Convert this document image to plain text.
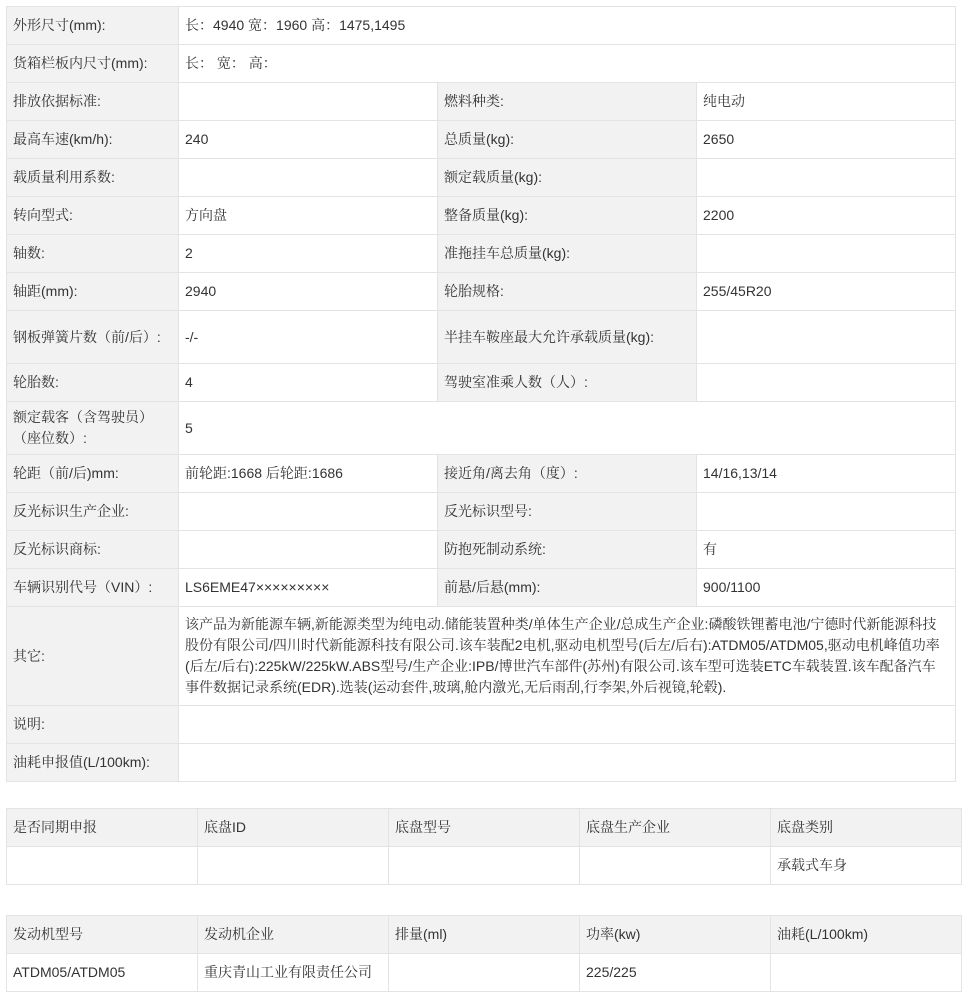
外形尺寸(mm):	长：4940 宽：1960 高：1475,1495		
货箱栏板内尺寸(mm):	长： 宽： 高：		
排放依据标准:		燃料种类:	纯电动
最高车速(km/h):	240	总质量(kg):	2650
载质量利用系数:		额定载质量(kg):	
转向型式:	方向盘	整备质量(kg):	2200
轴数:	2	准拖挂车总质量(kg):	
轴距(mm):	2940	轮胎规格:	255/45R20
钢板弹簧片数（前/后）:	-/-	半挂车鞍座最大允许承载质量(kg):	
轮胎数:	4	驾驶室准乘人数（人）:	
额定载客（含驾驶员）（座位数）:	5		
轮距（前/后)mm:	前轮距:1668 后轮距:1686	接近角/离去角（度）:	14/16,13/14
反光标识生产企业:		反光标识型号:	
反光标识商标:		防抱死制动系统:	有
车辆识别代号（VIN）:	LS6EME47×××××××××	前悬/后悬(mm):	900/1100
其它:	该产品为新能源车辆,新能源类型为纯电动.储能装置种类/单体生产企业/总成生产企业:磷酸铁锂蓄电池/宁德时代新能源科技股份有限公司/四川时代新能源科技有限公司.该车装配2电机,驱动电机型号(后左/后右):ATDM05/ATDM05,驱动电机峰值功率(后左/后右):225kW/225kW.ABS型号/生产企业:IPB/博世汽车部件(苏州)有限公司.该车型可选装ETC车载装置.该车配备汽车事件数据记录系统(EDR).选装(运动套件,玻璃,舱内激光,无后雨刮,行李架,外后视镜,轮毂).		
说明:			
油耗申报值(L/100km):			
是否同期申报	底盘ID	底盘型号	底盘生产企业	底盘类别
				承载式车身
发动机型号	发动机企业	排量(ml)	功率(kw)	油耗(L/100km)
ATDM05/ATDM05	重庆青山工业有限责任公司		225/225	
